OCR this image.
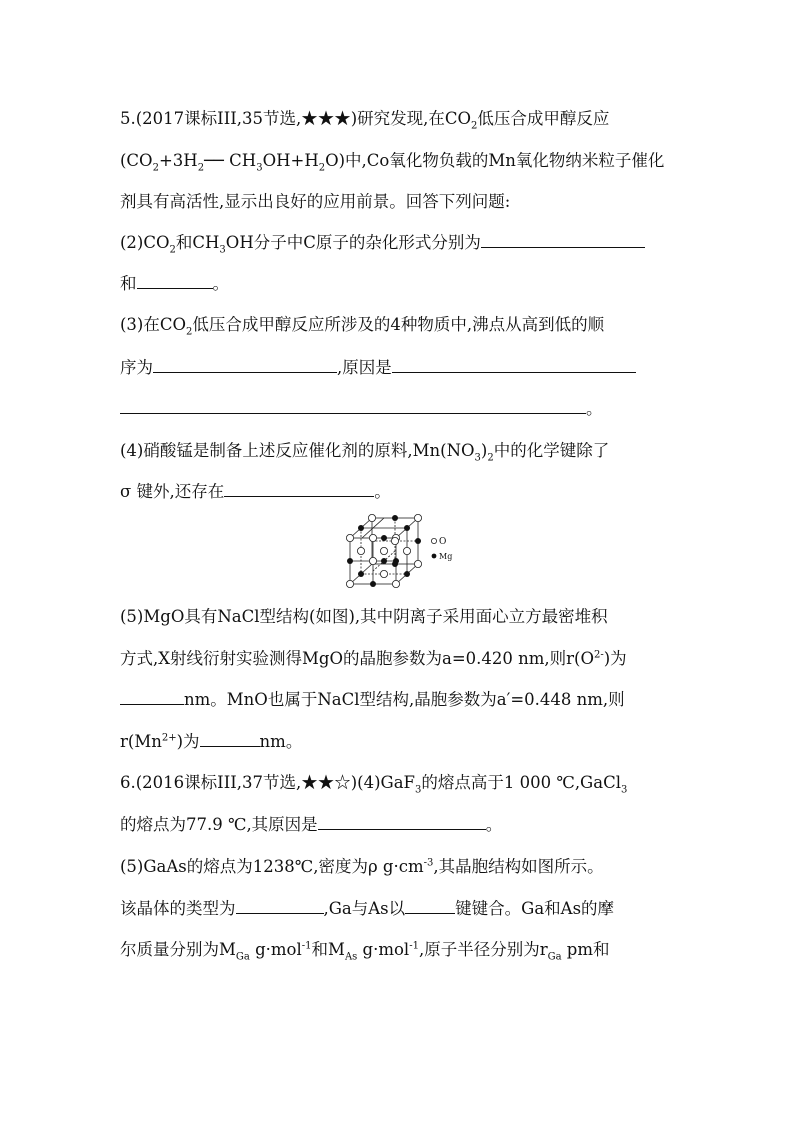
5.(2017课标III,35节选,★★★)研究发现,在$CO_2$低压合成甲醇反应
($CO_2+3H_2──$ $CH_3OH+H_2O$)中,Co氧化物负载的Mn氧化物纳米粒子催化
剂具有高活性,显示出良好的应用前景。回答下列问题:
$(2)CO_2$和$CH_3OH$分子中C原子的杂化形式分别为
和	。
(3)在$CO_2$低压合成甲醇反应所涉及的4种物质中,沸点从高到低的顺
序为	,原因是
。
(4)硝酸锰是制备上述反应催化剂的原料$,Mn(NO_3)_2$中的化学键除了
σ 键外,还存在	。
O
Mg
(5)MgO具有NaCl型结构(如图),其中阴离子采用面心立方最密堆积
方式,X射线衍射实验测得MgO的晶胞参数为a=0.420 nm,则$r(O^{2-})$为
nm。MnO也属于NaCl型结构,晶胞参数为a′=0.448 nm,则
$r(Mn^{2+})$为	nm。
6.(2016课标III,37节选,★★☆)(4)GaF$_3$的熔点高于1 000 ℃,GaCl$_3$
的熔点为77.9 ℃,其原因是	。
(5)GaAs的熔点为1238℃,密度为ρ $g\cdot cm^{-3}$,其晶胞结构如图所示。
该晶体的类型为	,Ga与As以	键键合。Ga和As的摩
尔质量分别为$M_{Ga}$ g·mol$^{-1}$和$M_{As}$ g·mol$^{-1}$,原子半径分别为$r_{Ga}$ pm和
